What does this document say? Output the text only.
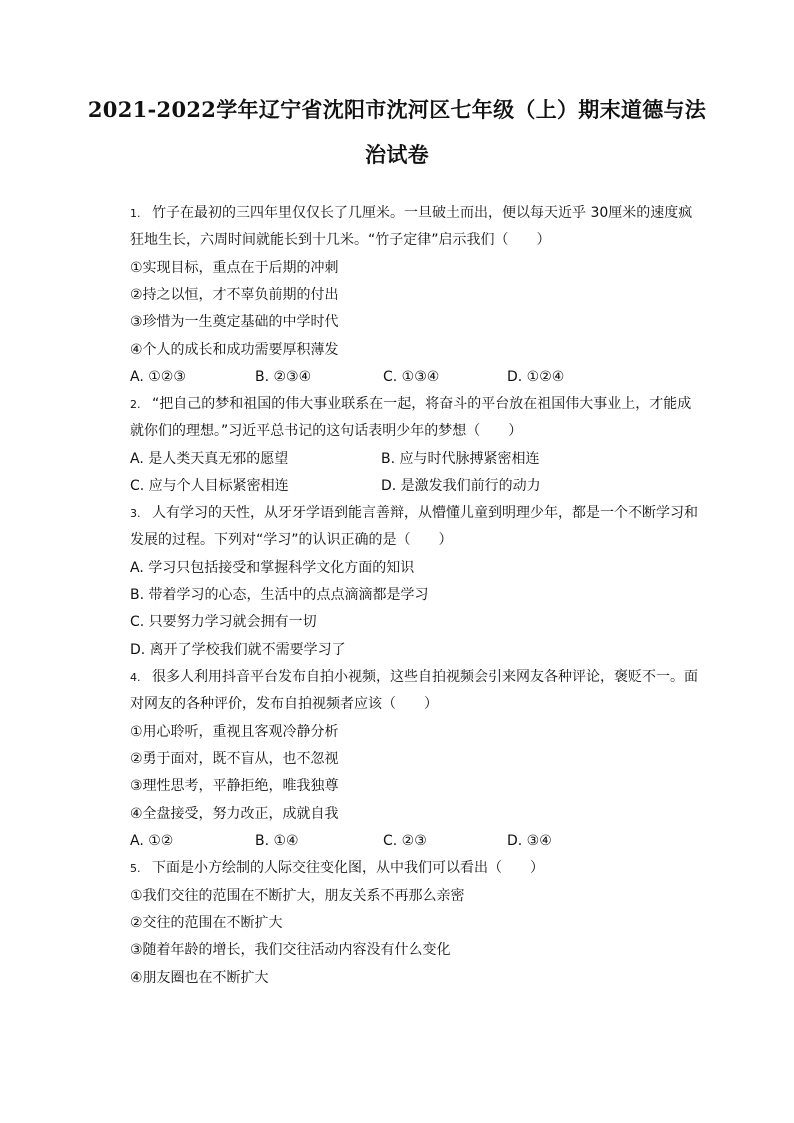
2021-2022学年辽宁省沈阳市沈河区七年级（上）期末道德与法
治试卷
1. 竹子在最初的三四年里仅仅长了几厘米。一旦破土而出，便以每天近乎 30厘米的速度疯
狂地生长，六周时间就能长到十几米。“竹子定律”启示我们（　　）
①实现目标，重点在于后期的冲刺
②持之以恒，才不辜负前期的付出
③珍惜为一生奠定基础的中学时代
④个人的成长和成功需要厚积薄发
A. ①②③	B. ②③④	C. ①③④	D. ①②④
2. “把自己的梦和祖国的伟大事业联系在一起，将奋斗的平台放在祖国伟大事业上，才能成
就你们的理想。”习近平总书记的这句话表明少年的梦想（　　）
A. 是人类天真无邪的愿望	B. 应与时代脉搏紧密相连
C. 应与个人目标紧密相连	D. 是激发我们前行的动力
3. 人有学习的天性，从牙牙学语到能言善辩，从懵懂儿童到明理少年，都是一个不断学习和
发展的过程。下列对“学习”的认识正确的是（　　）
A. 学习只包括接受和掌握科学文化方面的知识
B. 带着学习的心态，生活中的点点滴滴都是学习
C. 只要努力学习就会拥有一切
D. 离开了学校我们就不需要学习了
4. 很多人利用抖音平台发布自拍小视频，这些自拍视频会引来网友各种评论，褒贬不一。面
对网友的各种评价，发布自拍视频者应该（　　）
①用心聆听，重视且客观冷静分析
②勇于面对，既不盲从，也不忽视
③理性思考，平静拒绝，唯我独尊
④全盘接受，努力改正，成就自我
A. ①②	B. ①④	C. ②③	D. ③④
5. 下面是小方绘制的人际交往变化图，从中我们可以看出（　　）
①我们交往的范围在不断扩大，朋友关系不再那么亲密
②交往的范围在不断扩大
③随着年龄的增长，我们交往活动内容没有什么变化
④朋友圈也在不断扩大
